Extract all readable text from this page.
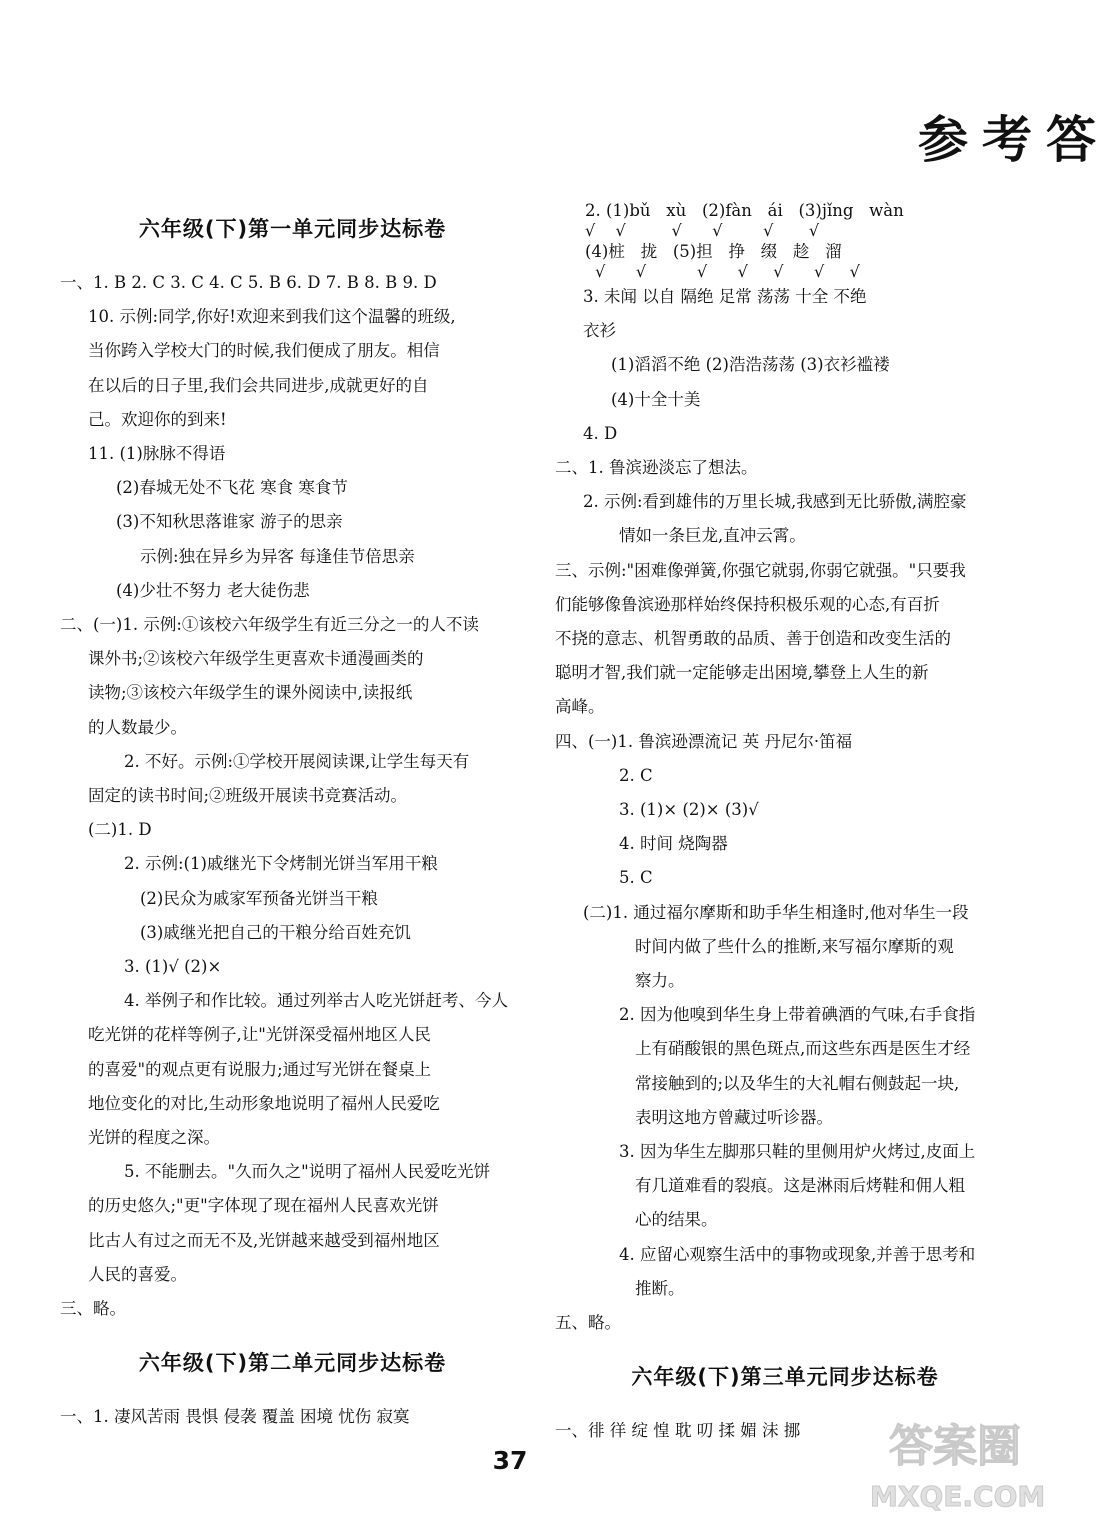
参考答
六年级(下)第一单元同步达标卷
一、1. B 2. C 3. C 4. C 5. B 6. D 7. B 8. B 9. D
10. 示例:同学,你好!欢迎来到我们这个温馨的班级,
当你跨入学校大门的时候,我们便成了朋友。相信
在以后的日子里,我们会共同进步,成就更好的自
己。欢迎你的到来!
11. (1)脉脉不得语
(2)春城无处不飞花 寒食 寒食节
(3)不知秋思落谁家 游子的思亲
示例:独在异乡为异客 每逢佳节倍思亲
(4)少壮不努力 老大徒伤悲
二、(一)1. 示例:①该校六年级学生有近三分之一的人不读
课外书;②该校六年级学生更喜欢卡通漫画类的
读物;③该校六年级学生的课外阅读中,读报纸
的人数最少。
2. 不好。示例:①学校开展阅读课,让学生每天有
固定的读书时间;②班级开展读书竞赛活动。
(二)1. D
2. 示例:(1)戚继光下令烤制光饼当军用干粮
(2)民众为戚家军预备光饼当干粮
(3)戚继光把自己的干粮分给百姓充饥
3. (1)√ (2)×
4. 举例子和作比较。通过列举古人吃光饼赶考、今人
吃光饼的花样等例子,让"光饼深受福州地区人民
的喜爱"的观点更有说服力;通过写光饼在餐桌上
地位变化的对比,生动形象地说明了福州人民爱吃
光饼的程度之深。
5. 不能删去。"久而久之"说明了福州人民爱吃光饼
的历史悠久;"更"字体现了现在福州人民喜欢光饼
比古人有过之而无不及,光饼越来越受到福州地区
人民的喜爱。
三、略。
六年级(下)第二单元同步达标卷
一、1. 凄风苦雨 畏惧 侵袭 覆盖 困境 忧伤 寂寞
2. (1)bǔ   xù   (2)fàn   ái   (3)jǐng   wàn
√    √         √      √        √       √
(4)桩   拢   (5)担   挣   缀   趁   溜
√      √          √      √     √      √     √
3. 未闻 以自 隔绝 足常 荡荡 十全 不绝
衣衫
(1)滔滔不绝 (2)浩浩荡荡 (3)衣衫褴褛
(4)十全十美
4. D
二、1. 鲁滨逊淡忘了想法。
2. 示例:看到雄伟的万里长城,我感到无比骄傲,满腔豪
情如一条巨龙,直冲云霄。
三、示例:"困难像弹簧,你强它就弱,你弱它就强。"只要我
们能够像鲁滨逊那样始终保持积极乐观的心态,有百折
不挠的意志、机智勇敢的品质、善于创造和改变生活的
聪明才智,我们就一定能够走出困境,攀登上人生的新
高峰。
四、(一)1. 鲁滨逊漂流记 英 丹尼尔·笛福
2. C
3. (1)× (2)× (3)√
4. 时间 烧陶器
5. C
(二)1. 通过福尔摩斯和助手华生相逢时,他对华生一段
时间内做了些什么的推断,来写福尔摩斯的观
察力。
2. 因为他嗅到华生身上带着碘酒的气味,右手食指
上有硝酸银的黑色斑点,而这些东西是医生才经
常接触到的;以及华生的大礼帽右侧鼓起一块,
表明这地方曾藏过听诊器。
3. 因为华生左脚那只鞋的里侧用炉火烤过,皮面上
有几道难看的裂痕。这是淋雨后烤鞋和佣人粗
心的结果。
4. 应留心观察生活中的事物或现象,并善于思考和
推断。
五、略。
六年级(下)第三单元同步达标卷
一、徘 徉 绽 惶 耽 叨 揉 媚 沫 挪
37	答案圈
MXQE.COM
